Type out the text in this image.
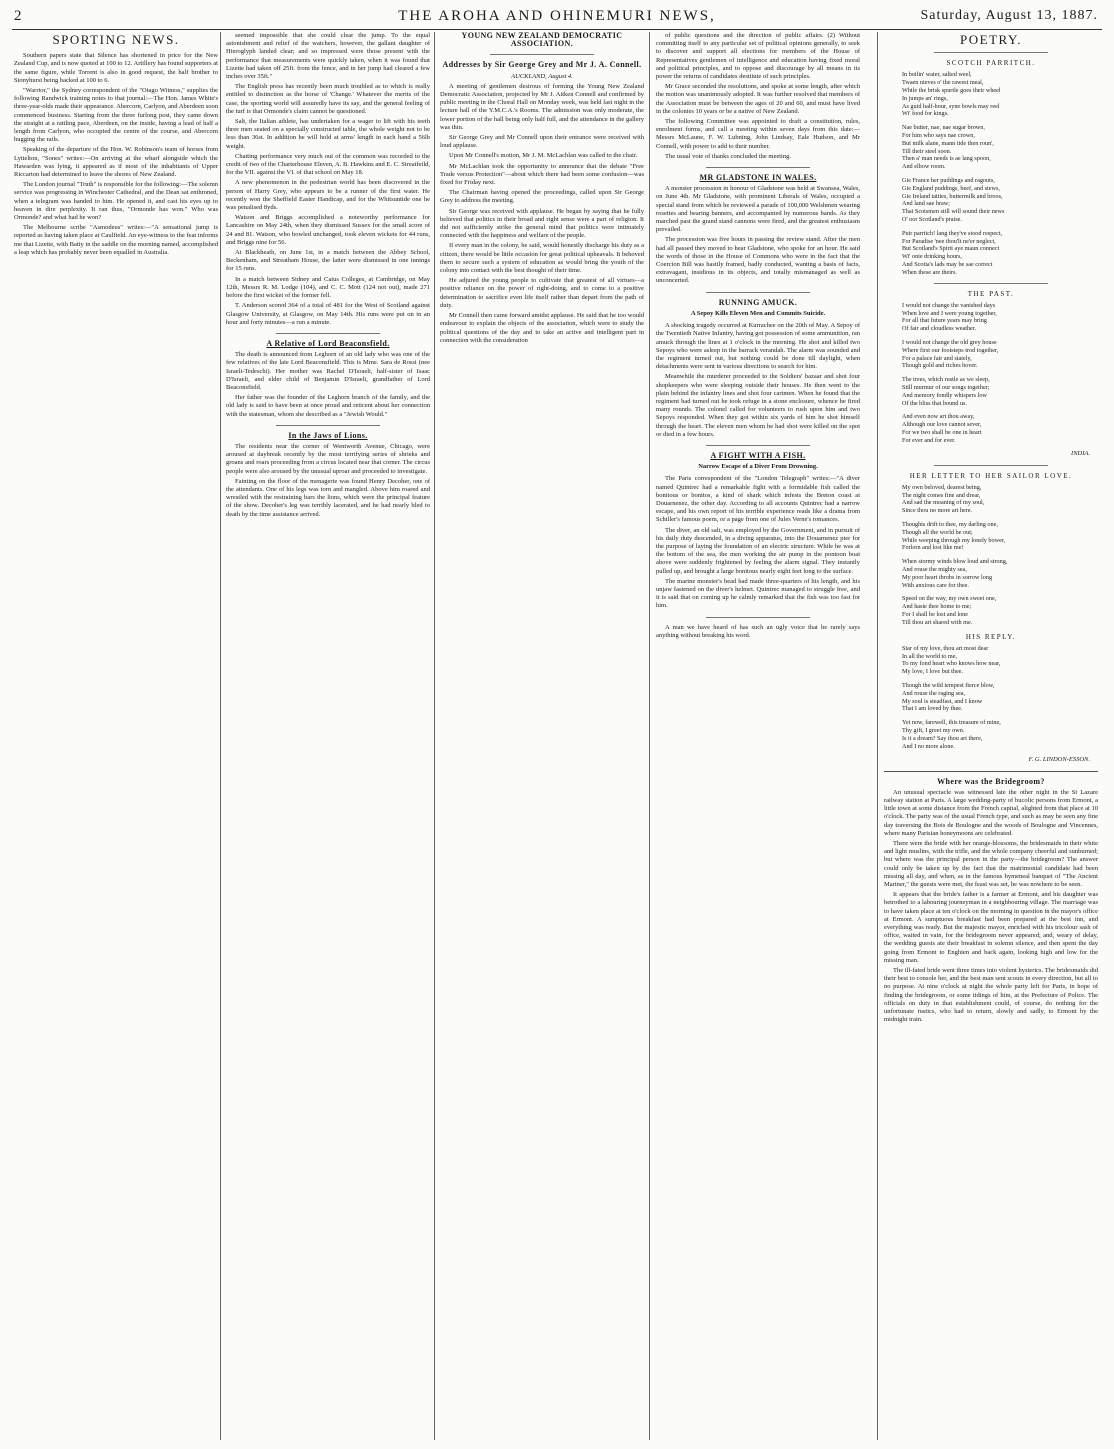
2	THE ARO⁠HA AND OHINEMURI NEWS,	Saturday, August 13, 1887.
SPORTING NEWS.

Southern papers state that Silence has shortened in price for the New Zealand Cup, and is now quoted at 100 to 12. Artillery has found supporters at the same figure, while Torrent is also in good request, the half brother to Stonyhurst being backed at 100 to 6.

"Warrior," the Sydney correspondent of the "Otago Witness," supplies the following Randwick training notes to that journal:—The Hon. James White's three-year-olds made their appearance. Abercorn, Carlyon, and Aberdeen soon commenced business. Starting from the three furlong post, they came down the straight at a rattling pace, Aberdeen, on the inside, having a lead of half a length from Carlyon, who occupied the centre of the course, and Abercorn hugging the rails.

Speaking of the departure of the Hon. W. Robinson's team of horses from Lyttelton, "Sones" writes:—On arriving at the wharf alongside which the Hawarden was lying, it appeared as if most of the inhabitants of Upper Riccarton had determined to leave the shores of New Zealand.

The London journal "Truth" is responsible for the following:—The solemn service was progressing in Winchester Cathedral, and the Dean sat enthroned, when a telegram was handed to him. He opened it, and cast his eyes up to heaven in dire perplexity. It ran thus, "Ormonde has won." Who was Ormonde? and what had he won?

The Melbourne scribe "Asmodeus" writes:—"A sensational jump is reported as having taken place at Caulfield. An eye-witness to the feat informs me that Lizette, with Batty in the saddle on the morning named, accomplished a leap which has probably never been equalled in Australia.

seemed impossible that she could clear the jump. To the equal astonishment and relief of the watchers, however, the gallant daughter of Hieroglyph landed clear; and so impressed were those present with the performance that measurements were quickly taken, when it was found that Lizette had taken off 25ft. from the fence, and in her jump had cleared a few inches over 35ft."

The English press has recently been much troubled as to which is really entitled to distinction as the horse of 'Change.' Whatever the merits of the case, the sporting world will assuredly have its say, and the general feeling of the turf is that Ormonde's claim cannot be questioned.

Salt, the Italian athlete, has undertaken for a wager to lift with his teeth three men seated on a specially constructed table, the whole weight not to be less than 36st. In addition he will hold at arms' length in each hand a 56lb weight.

Chatting performance very much out of the common was recorded to the credit of two of the Charterhouse Eleven, A. B. Hawkins and E. C. Streatfeild, for the VII. against the VI. of that school on May 18.

A new phenomenon in the pedestrian world has been discovered in the person of Harry Grey, who appears to be a runner of the first water. He recently won the Sheffield Easter Handicap, and for the Whitsuntide one he was penalised 8yds.

Watson and Briggs accomplished a noteworthy performance for Lancashire on May 24th, when they dismissed Sussex for the small score of 24 and 81. Watson, who bowled unchanged, took eleven wickets for 44 runs, and Briggs nine for 56.

At Blackheath, on June 1st, in a match between the Abbey School, Beckenham, and Streatham House, the latter were dismissed in one innings for 15 runs.

In a match between Sidney and Caius Colleges, at Cambridge, on May 12th, Messrs R. M. Lodge (104), and C. C. Mott (124 not out), made 271 before the first wicket of the former fell.

T. Anderson scored 364 of a total of 481 for the West of Scotland against Glasgow University, at Glasgow, on May 14th. His runs were put on in an hour and forty minutes—a run a minute.

A Relative of Lord Beaconsfield.

The death is announced from Leghorn of an old lady who was one of the few relatives of the late Lord Beaconsfield. This is Mme. Sara de Rossi (nee Israeli-Tedeschi). Her mother was Rachel D'Israeli, half-sister of Isaac D'Israeli, and elder child of Benjamin D'Israeli, grandfather of Lord Beaconsfield.

Her father was the founder of the Leghorn branch of the family, and the old lady is said to have been at once proud and reticent about her connection with the statesman, whom she described as a "Jewish Would."

In the Jaws of Lions.

The residents near the corner of Wentworth Avenue, Chicago, were aroused at daybreak recently by the most terrifying series of shrieks and groans and roars proceeding from a circus located near that corner. The circus people were also aroused by the unusual uproar and proceeded to investigate.

Fainting on the floor of the menagerie was found Henry Decoher, one of the attendants. One of his legs was torn and mangled. Above him roared and wrestled with the restraining bars the lions, which were the principal feature of the show. Decoher's leg was terribly lacerated, and he had nearly bled to death by the time assistance arrived.

YOUNG NEW ZEALAND DEMOCRATIC ASSOCIATION.
Addresses by Sir George Grey and Mr J. A. Connell.
AUCKLAND, August 4.

A meeting of gentlemen desirous of forming the Young New Zealand Democratic Association, projected by Mr J. Aitken Connell and confirmed by public meeting in the Choral Hall on Monday week, was held last night in the lecture hall of the Y.M.C.A.'s Rooms. The admission was only moderate, the lower portion of the hall being only half full, and the attendance in the gallery was thin.

Sir George Grey and Mr Connell upon their entrance were received with loud applause.

Upon Mr Connell's motion, Mr J. M. McLachlan was called to the chair.

Mr McLachlan took the opportunity to announce that the debate "Free Trade versus Protection"—about which there had been some confusion—was fixed for Friday next.

The Chairman having opened the proceedings, called upon Sir George Grey to address the meeting.

Sir George was received with applause. He began by saying that he fully believed that politics in their broad and right sense were a part of religion. It did not sufficiently strike the general mind that politics were intimately connected with the happiness and welfare of the people.

If every man in the colony, he said, would honestly discharge his duty as a citizen, there would be little occasion for great political upheavals. It behoved them to secure such a system of education as would bring the youth of the colony into contact with the best thought of their time.

He adjured the young people to cultivate that greatest of all virtues—a positive reliance on the power of right-doing, and to come to a positive determination to sacrifice even life itself rather than depart from the path of duty.

Mr Connell then came forward amidst applause. He said that he too would endeavour to explain the objects of the association, which were to study the political questions of the day and to take an active and intelligent part in connection with the consideration

of public questions and the direction of public affairs. (2) Without committing itself to any particular set of political opinions generally, to seek to discover and support all elections for members of the House of Representatives gentlemen of intelligence and education having fixed moral and political principles, and to oppose and discourage by all means in its power the returns of candidates destitute of such principles.

Mr Grace seconded the resolutions, and spoke at some length, after which the motion was unanimously adopted. It was further resolved that members of the Association must be between the ages of 20 and 60, and must have lived in the colonies 10 years or be a native of New Zealand.

The following Committee was appointed to draft a constitution, rules, enrolment forms, and call a meeting within seven days from this date:—Messrs McLaune, F. W. Lubning, John Lindsay, Eale Hudson, and Mr Connell, with power to add to their number.

The usual vote of thanks concluded the meeting.

MR GLADSTONE IN WALES.

A monster procession in honour of Gladstone was held at Swansea, Wales, on June 4th. Mr Gladstone, with prominent Liberals of Wales, occupied a special stand from which he reviewed a parade of 100,000 Welshmen wearing rosettes and bearing banners, and accompanied by numerous bands. As they marched past the grand stand cannons were fired, and the greatest enthusiasm prevailed.

The procession was five hours in passing the review stand. After the men had all passed they moved to hear Gladstone, who spoke for an hour. He said the words of those in the House of Commons who were in the fact that the Coercion Bill was hastily framed, badly conducted, wanting a basis of facts, extravagant, insidious in its objects, and totally mismanaged as well as unconcerted.

RUNNING AMUCK.
A Sepoy Kills Eleven Men and Commits Suicide.

A shocking tragedy occurred at Kurrachee on the 20th of May. A Sepoy of the Twentieth Native Infantry, having got possession of some ammunition, ran amuck through the lines at 1 o'clock in the morning. He shot and killed two Sepoys who were asleep in the barrack verandah. The alarm was sounded and the regiment turned out, but nothing could be done till daylight, when detachments were sent in various directions to search for him.

Meanwhile the murderer proceeded to the Soldiers' bazaar and shot four shopkeepers who were sleeping outside their houses. He then went to the plain behind the infantry lines and shot four cartmen. When he found that the regiment had turned out he took refuge in a stone enclosure, whence he fired many rounds. The colonel called for volunteers to rush upon him and two Sepoys responded. When they got within six yards of him he shot himself through the heart. The eleven men whom he had shot were killed on the spot or died in a few hours.

A FIGHT WITH A FISH.
Narrow Escape of a Diver From Drowning.

The Paris correspondent of the "London Telegraph" writes:—"A diver named Quintrec had a remarkable fight with a formidable fish called the bonitous or bonitos, a kind of shark which infests the Breton coast at Douarnenez, the other day. According to all accounts Quintrec had a narrow escape, and his own report of his terrible experience reads like a drama from Schiller's famous poem, or a page from one of Jules Verne's romances.

The diver, an old salt, was employed by the Government, and in pursuit of his daily duty descended, in a diving apparatus, into the Douarnenez pier for the purpose of laying the foundation of an electric structure. While he was at the bottom of the sea, the men working the air pump in the pontoon boat above were suddenly frightened by feeling the alarm signal. They instantly pulled up, and brought a large bonitous nearly eight feet long to the surface.

The marine monster's head had made three-quarters of his length, and his unjaw fastened on the diver's helmet. Quintrec managed to struggle free, and it is said that on coming up he calmly remarked that the fish was too fast for him.

A man we have heard of has such an ugly voice that he rarely says anything without breaking his word.

POETRY.
SCOTCH PARRITCH.
In boilin' water, salted weel,
Twaen nieves o' the rawest meal,
While the brisk spurtle goes their wheel
In jumps an' rings,
As guid half-hour, syne bowls may reel
Wi' food for kings.
Nae butter, nae, nae sugar brown,
For him who says nae crown,
But milk alane, mann tide then roun',
Till their steel soon.
Then a' man needs is ae lang spoon,
And elbow room.
Gie France her puddings and ragouts,
Gie England puddings, beef, and stews,
Gie Ireland tatties, buttermilk and broos,
And land sae braw;
That Scotsmen still will sound their news
O' oor Scotland's praise.
Puir parritch! lang they've stood respect,
For Paradise 'nee thou'lt ne'er neglect,
But Scotland's Spirit aye maun connect
Wi' onie drinking hours,
And Scotia's lads may be sae correct
When these are theirs.
THE PAST.
I would not change the vanished days
When love and I were young together,
For all that future years may bring
Of fair and cloudless weather.
I would not change the old grey house
Where first our footsteps trod together,
For a palace fair and stately,
Though gold and riches hover.
The trees, which rustle as we sleep,
Still murmur of our songs together;
And memory fondly whispers low
Of the bliss that bound us.
And even now art thou away,
Although our love cannot sever,
For we two shall be one in heart
For ever and for ever.
INDIA.
HER LETTER TO HER SAILOR LOVE.
My own beloved, dearest being,
The night comes fine and drear,
And sad the moaning of my soul,
Since thou no more art here.
Thoughts drift to thee, my darling one,
Though all the world be out;
While weeping through my lonely bower,
Forlorn and lost like me!
When stormy winds blow loud and strong,
And rouse the mighty sea,
My poor heart throbs in sorrow long
With anxious care for thee.
Speed on the way, my own sweet one,
And haste thee home to me;
For I shall be lost and lone
Till thou art shared with me.
HIS REPLY.
Star of my love, thou art most dear
In all the world to me,
To my fond heart who knows how near,
My love, I love but thee.
Though the wild tempest fierce blow,
And rouse the raging sea,
My soul is steadfast, and I know
That I am loved by thee.
Yet now, farewell, this treasure of mine,
Thy gift, I greet my own.
Is it a dream? Say thou art there,
And I no more alone.
F. G. LINDON-ESSON.
Where was the Bridegroom?

An unusual spectacle was witnessed late the other night in the St Lazare railway station at Paris. A large wedding-party of bucolic persons from Ermont, a little town at some distance from the French capital, alighted from that place at 10 o'clock. The party was of the usual French type, and such as may be seen any fine day traversing the Bois de Boulogne and the woods of Boulogne and Vincennes, where many Parisian honeymoons are celebrated.

There were the bride with her orange-blossoms, the bridesmaids in their white and light muslins, with the trifle, and the whole company cheerful and sunburned; but where was the principal person in the party—the bridegroom? The answer could only be taken up by the fact that the matrimonial candidate had been missing all day, and when, as in the famous hymeneal banquet of "The Ancient Mariner," the guests were met, the feast was set, he was nowhere to be seen.

It appears that the bride's father is a farmer at Ermont, and his daughter was betrothed to a labouring journeyman in a neighbouring village. The marriage was to have taken place at ten o'clock on the morning in question in the mayor's office at Ermont. A sumptuous breakfast had been prepared at the best inn, and everything was ready. But the majestic mayor, enriched with his tricolour sash of office, waited in vain, for the bridegroom never appeared; and, weary of delay, the wedding guests ate their breakfast in solemn silence, and then spent the day going from Ermont to Enghien and back again, looking high and low for the missing man.

The ill-fated bride went three times into violent hysterics. The bridesmaids did their best to console her, and the best man sent scouts in every direction, but all to no purpose. At nine o'clock at night the whole party left for Paris, in hope of finding the bridegroom, or some tidings of him, at the Prefecture of Police. The officials on duty in that establishment could, of course, do nothing for the unfortunate rustics, who had to return, slowly and sadly, to Ermont by the midnight train.
